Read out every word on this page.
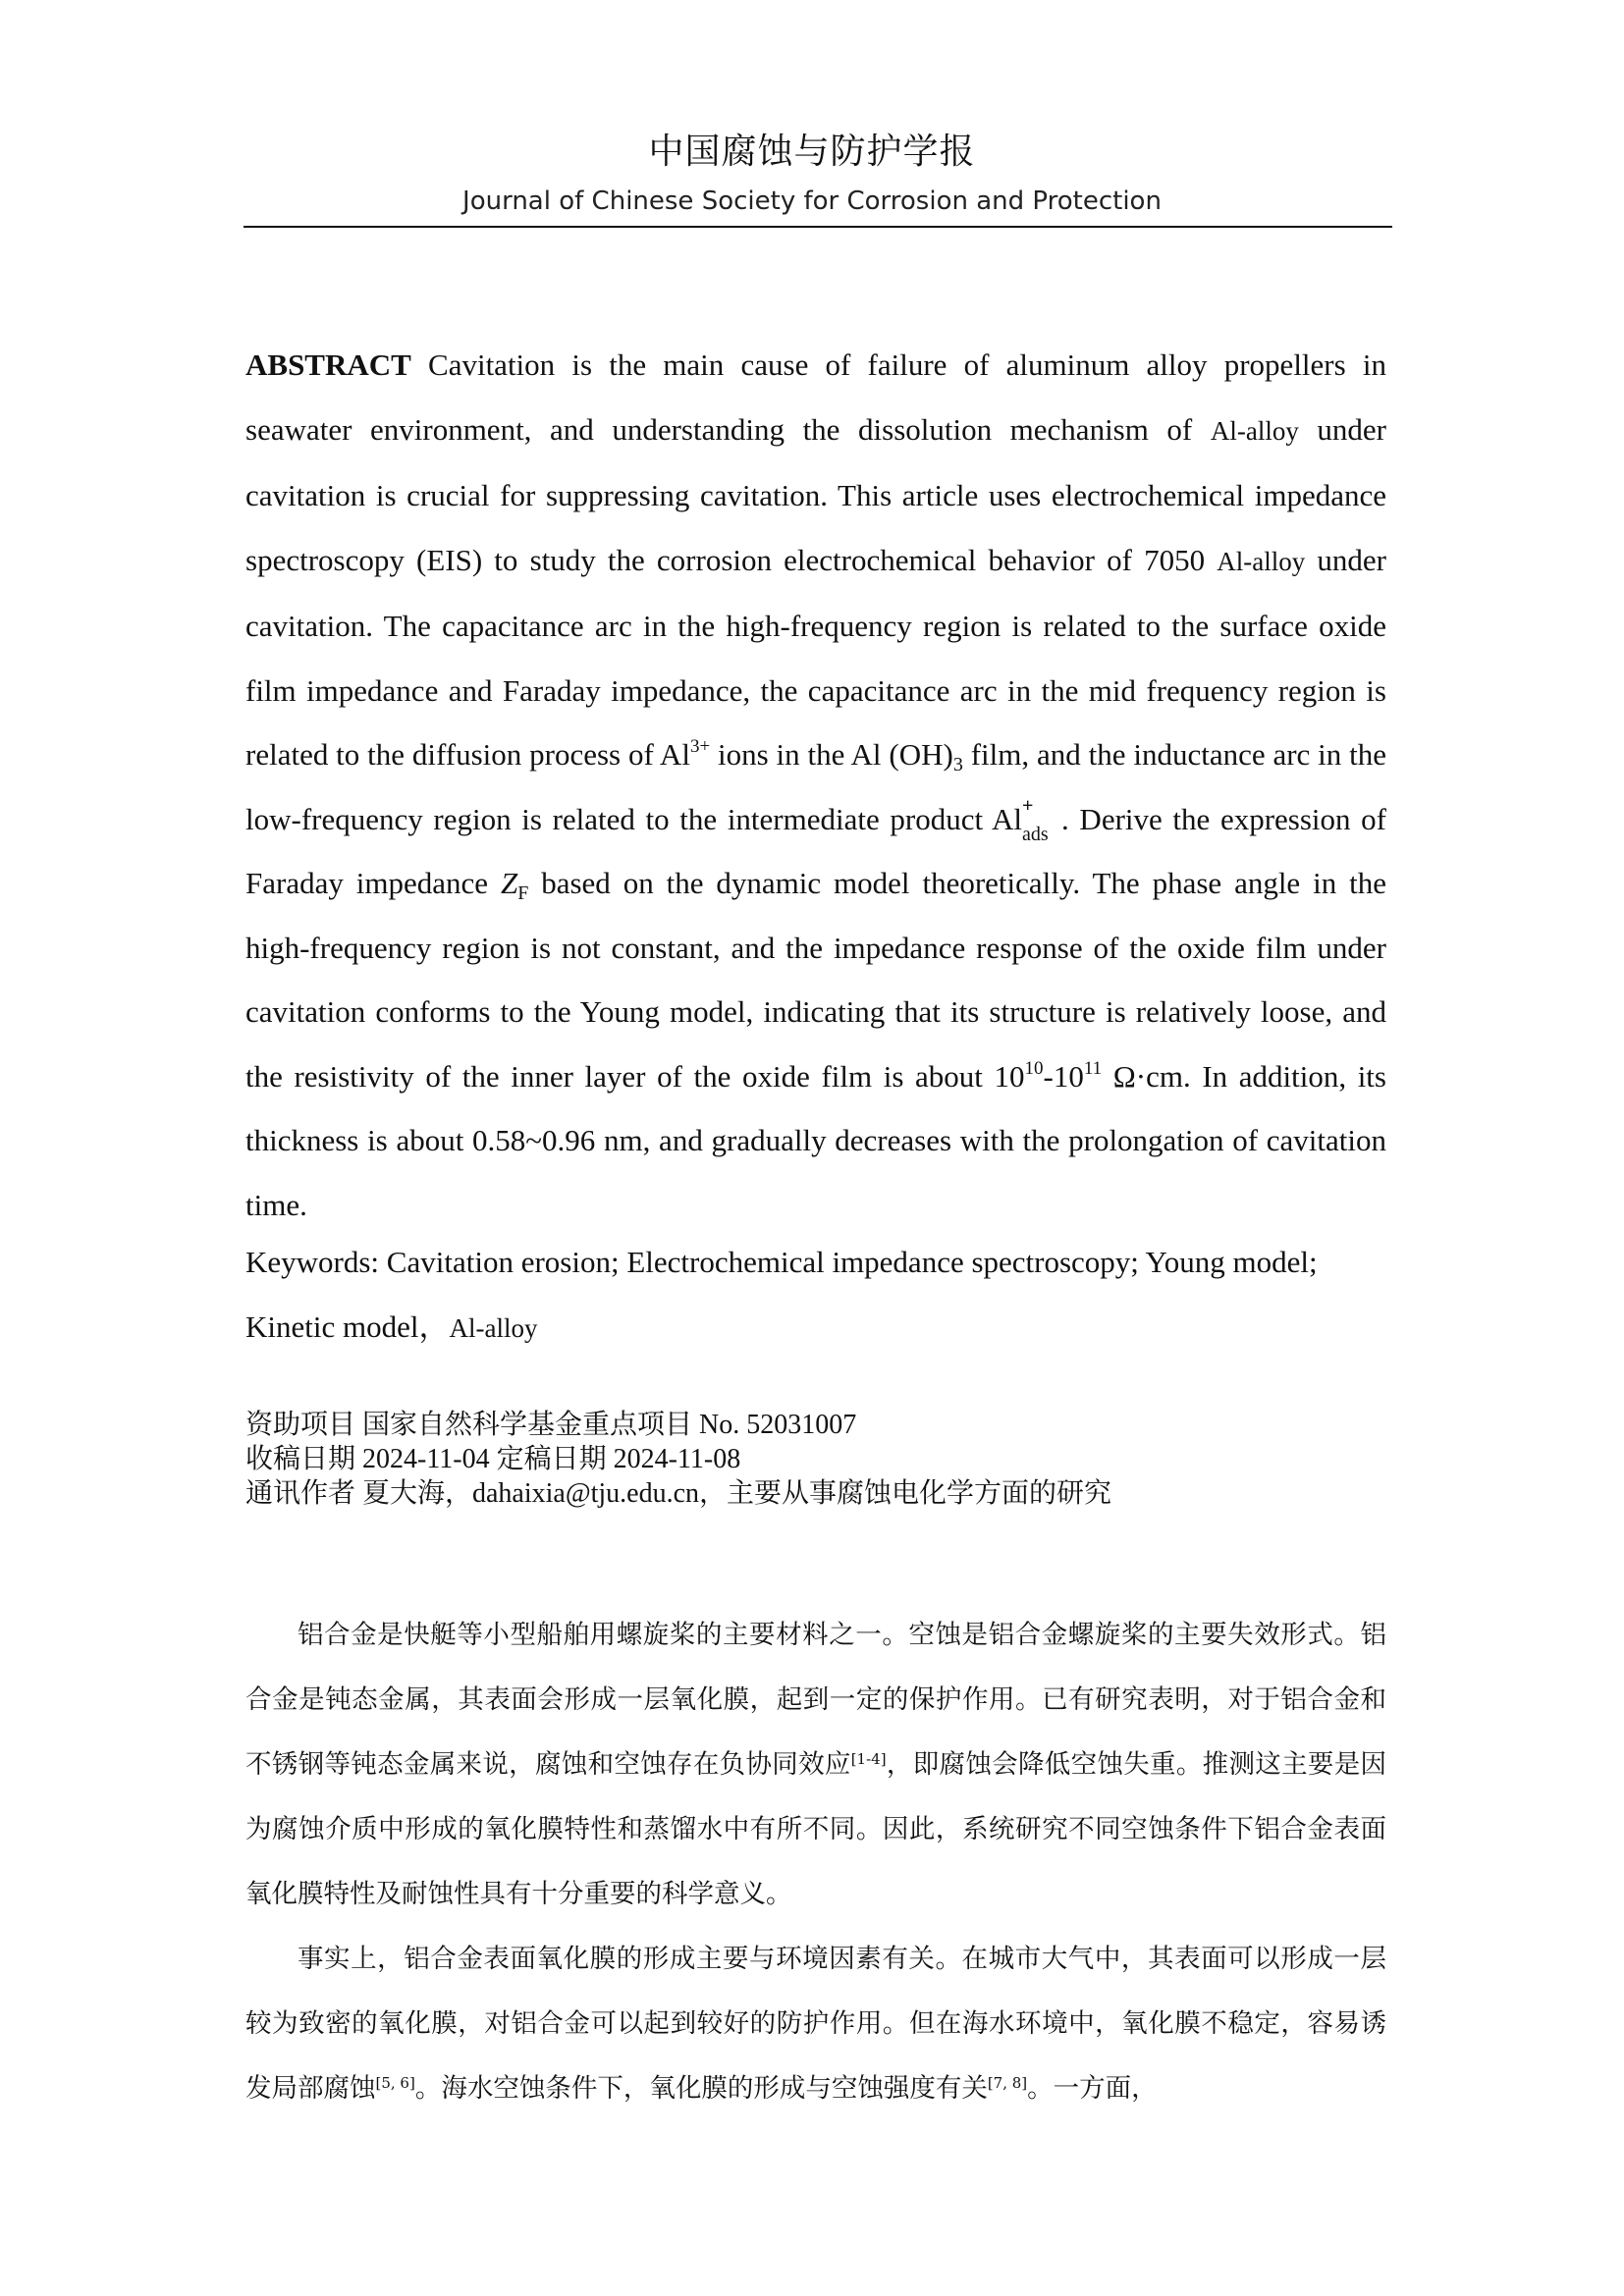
中国腐蚀与防护学报
Journal of Chinese Society for Corrosion and Protection

ABSTRACT Cavitation is the main cause of failure of aluminum alloy propellers in seawater environment, and understanding the dissolution mechanism of Al-alloy under cavitation is crucial for suppressing cavitation. This article uses electrochemical impedance spectroscopy (EIS) to study the corrosion electrochemical behavior of 7050 Al-alloy under cavitation. The capacitance arc in the high-frequency region is related to the surface oxide film impedance and Faraday impedance, the capacitance arc in the mid frequency region is related to the diffusion process of $Al^{3+}$ ions in the Al $(OH)_3$ film, and the inductance arc in the low-frequency region is related to the intermediate product Al +
ads . Derive the expression of Faraday impedance $Z_F$ based on the dynamic model theoretically. The phase angle in the high-frequency region is not constant, and the impedance response of the oxide film under cavitation conforms to the Young model, indicating that its structure is relatively loose, and the resistivity of the inner layer of the oxide film is about $10^{10}-10^{11}$ Ω·cm. In addition, its thickness is about 0.58~0.96 nm, and gradually decreases with the prolongation of cavitation time.

Keywords: Cavitation erosion; Electrochemical impedance spectroscopy; Young model; Kinetic model，Al-alloy

资助项目 国家自然科学基金重点项目 No. 52031007
收稿日期 2024-11-04 定稿日期 2024-11-08
通讯作者 夏大海，dahaixia@tju.edu.cn，主要从事腐蚀电化学方面的研究

铝合金是快艇等小型船舶用螺旋桨的主要材料之一。空蚀是铝合金螺旋桨的主要失效形式。铝合金是钝态金属，其表面会形成一层氧化膜，起到一定的保护作用。已有研究表明，对于铝合金和不锈钢等钝态金属来说，腐蚀和空蚀存在负协同效应[1-4]，即腐蚀会降低空蚀失重。推测这主要是因为腐蚀介质中形成的氧化膜特性和蒸馏水中有所不同。因此，系统研究不同空蚀条件下铝合金表面氧化膜特性及耐蚀性具有十分重要的科学意义。

事实上，铝合金表面氧化膜的形成主要与环境因素有关。在城市大气中，其表面可以形成一层较为致密的氧化膜，对铝合金可以起到较好的防护作用。但在海水环境中，氧化膜不稳定，容易诱发局部腐蚀[5, 6]。海水空蚀条件下，氧化膜的形成与空蚀强度有关[7, 8]。一方面，
